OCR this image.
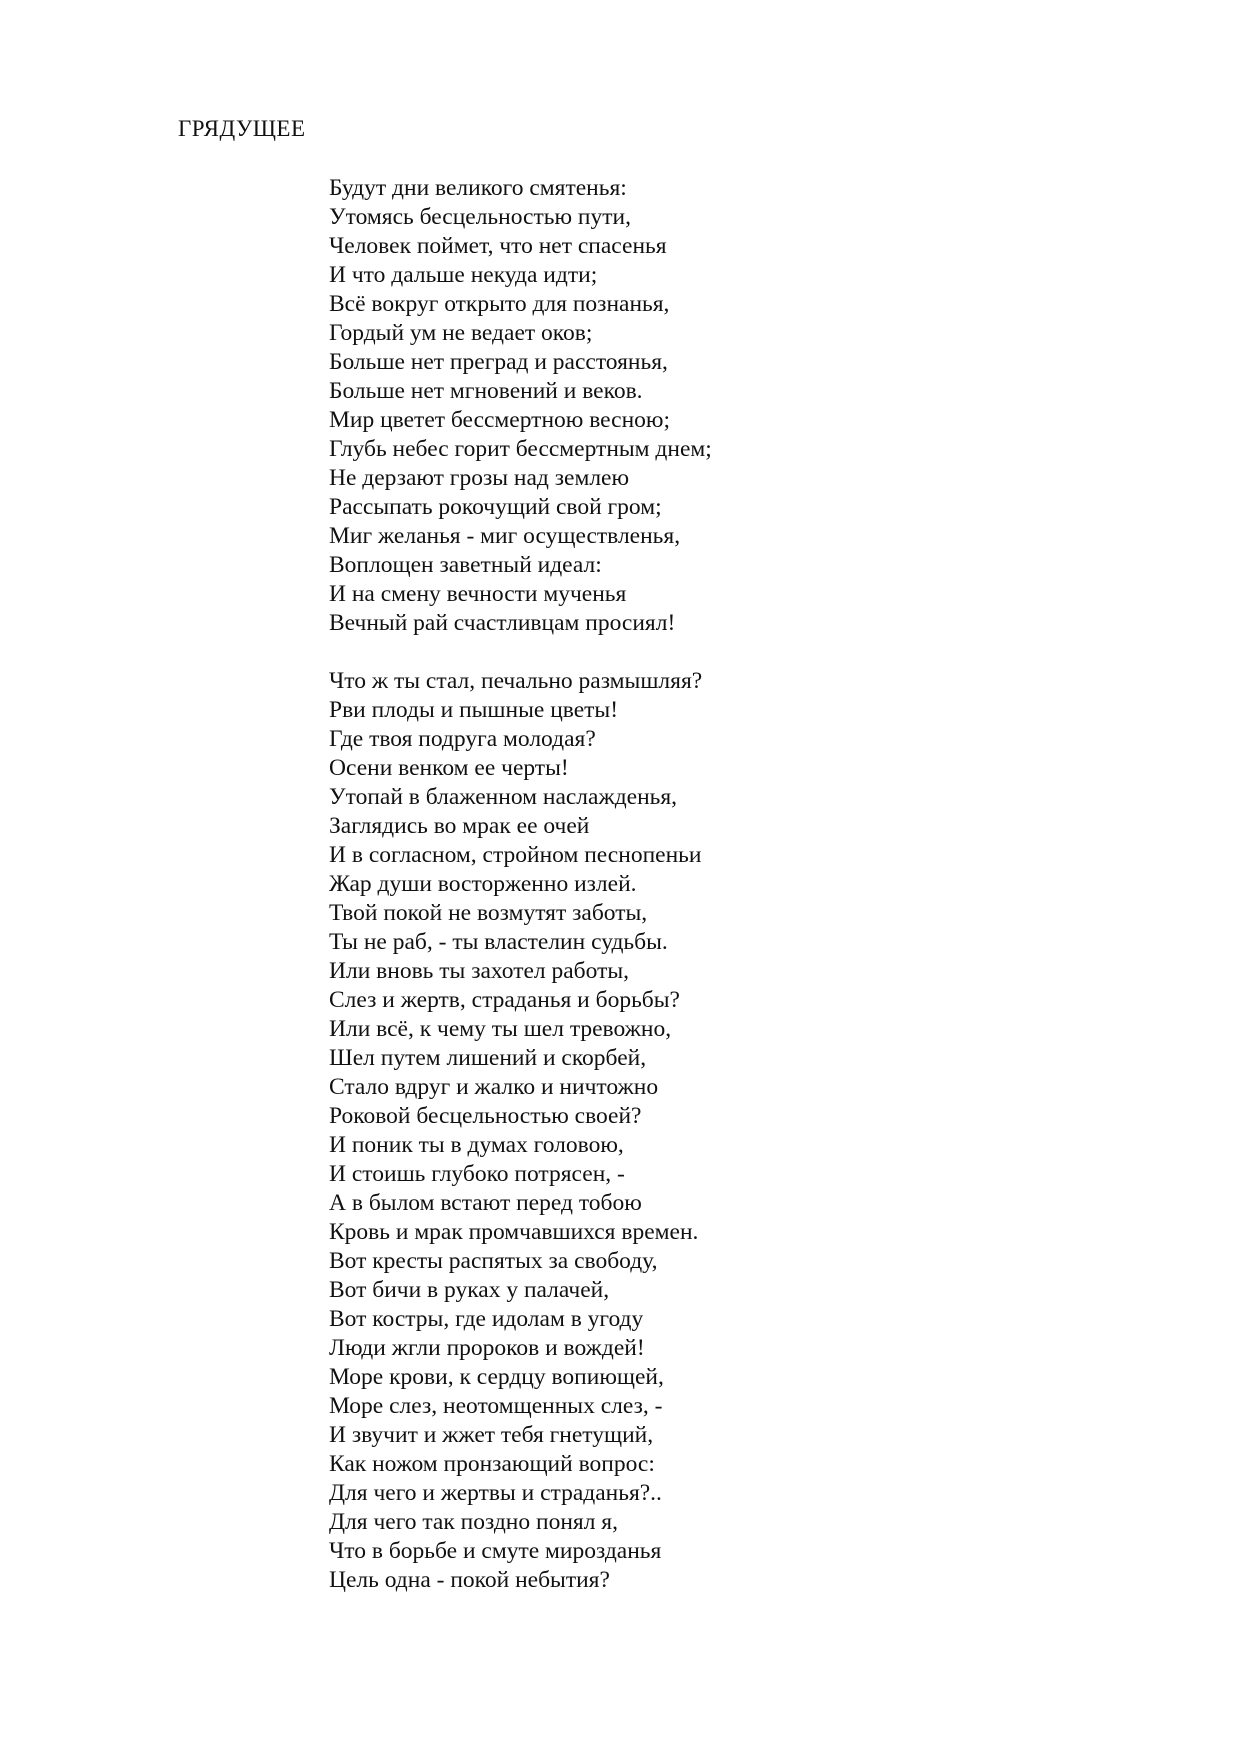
ГРЯДУЩЕЕ

Будут дни великого смятенья:
Утомясь бесцельностью пути,
Человек поймет, что нет спасенья
И что дальше некуда идти;
Всё вокруг открыто для познанья,
Гордый ум не ведает оков;
Больше нет преград и расстоянья,
Больше нет мгновений и веков.
Мир цветет бессмертною весною;
Глубь небес горит бессмертным днем;
Не дерзают грозы над землею
Рассыпать рокочущий свой гром;
Миг желанья - миг осуществленья,
Воплощен заветный идеал:
И на смену вечности мученья
Вечный рай счастливцам просиял!

Что ж ты стал, печально размышляя?
Рви плоды и пышные цветы!
Где твоя подруга молодая?
Осени венком ее черты!
Утопай в блаженном наслажденья,
Заглядись во мрак ее очей
И в согласном, стройном песнопеньи
Жар души восторженно излей.
Твой покой не возмутят заботы,
Ты не раб, - ты властелин судьбы.
Или вновь ты захотел работы,
Слез и жертв, страданья и борьбы?
Или всё, к чему ты шел тревожно,
Шел путем лишений и скорбей,
Стало вдруг и жалко и ничтожно
Роковой бесцельностью своей?
И поник ты в думах головою,
И стоишь глубоко потрясен, -
А в былом встают перед тобою
Кровь и мрак промчавшихся времен.
Вот кресты распятых за свободу,
Вот бичи в руках у палачей,
Вот костры, где идолам в угоду
Люди жгли пророков и вождей!
Море крови, к сердцу вопиющей,
Море слез, неотомщенных слез, -
И звучит и жжет тебя гнетущий,
Как ножом пронзающий вопрос:
Для чего и жертвы и страданья?..
Для чего так поздно понял я,
Что в борьбе и смуте мирозданья
Цель одна - покой небытия?
